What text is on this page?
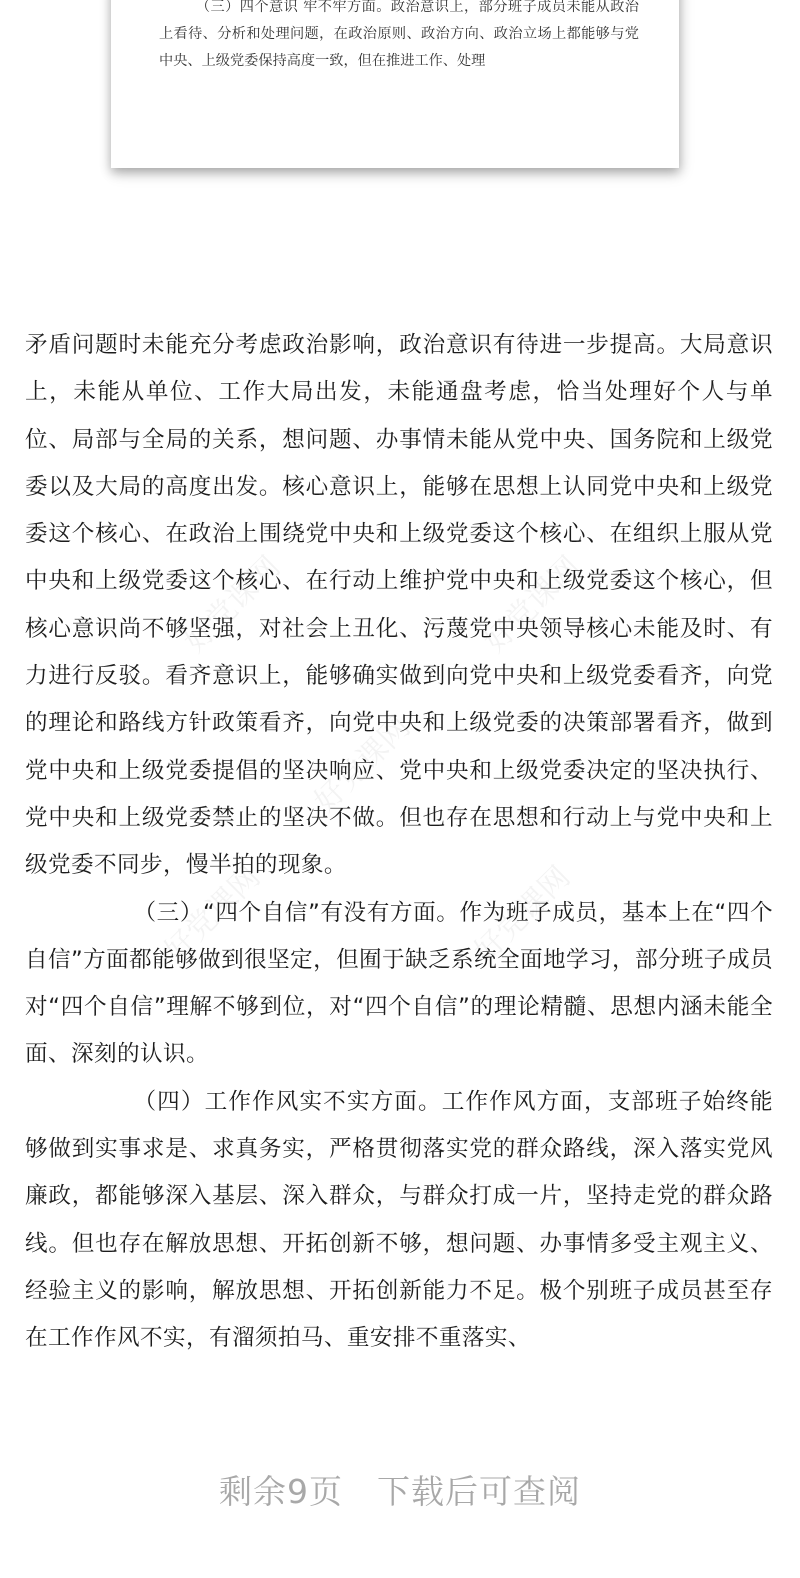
（三）四个意识 牢不牢方面。政治意识上，部分班子成员未能从政治上看待、分析和处理问题，在政治原则、政治方向、政治立场上都能够与党中央、上级党委保持高度一致，但在推进工作、处理

好党课网	好党课网
好党课网
好党课网	好党课网

矛盾问题时未能充分考虑政治影响，政治意识有待进一步提高。大局意识上，未能从单位、工作大局出发，未能通盘考虑，恰当处理好个人与单位、局部与全局的关系，想问题、办事情未能从党中央、国务院和上级党委以及大局的高度出发。核心意识上，能够在思想上认同党中央和上级党委这个核心、在政治上围绕党中央和上级党委这个核心、在组织上服从党中央和上级党委这个核心、在行动上维护党中央和上级党委这个核心，但核心意识尚不够坚强，对社会上丑化、污蔑党中央领导核心未能及时、有力进行反驳。看齐意识上，能够确实做到向党中央和上级党委看齐，向党的理论和路线方针政策看齐，向党中央和上级党委的决策部署看齐，做到党中央和上级党委提倡的坚决响应、党中央和上级党委决定的坚决执行、党中央和上级党委禁止的坚决不做。但也存在思想和行动上与党中央和上级党委不同步，慢半拍的现象。

（三）“四个自信”有没有方面。作为班子成员，基本上在“四个自信”方面都能够做到很坚定，但囿于缺乏系统全面地学习，部分班子成员对“四个自信”理解不够到位，对“四个自信”的理论精髓、思想内涵未能全面、深刻的认识。

（四）工作作风实不实方面。工作作风方面，支部班子始终能够做到实事求是、求真务实，严格贯彻落实党的群众路线，深入落实党风廉政，都能够深入基层、深入群众，与群众打成一片，坚持走党的群众路线。但也存在解放思想、开拓创新不够，想问题、办事情多受主观主义、经验主义的影响，解放思想、开拓创新能力不足。极个别班子成员甚至存在工作作风不实，有溜须拍马、重安排不重落实、

剩余9页 下载后可查阅
